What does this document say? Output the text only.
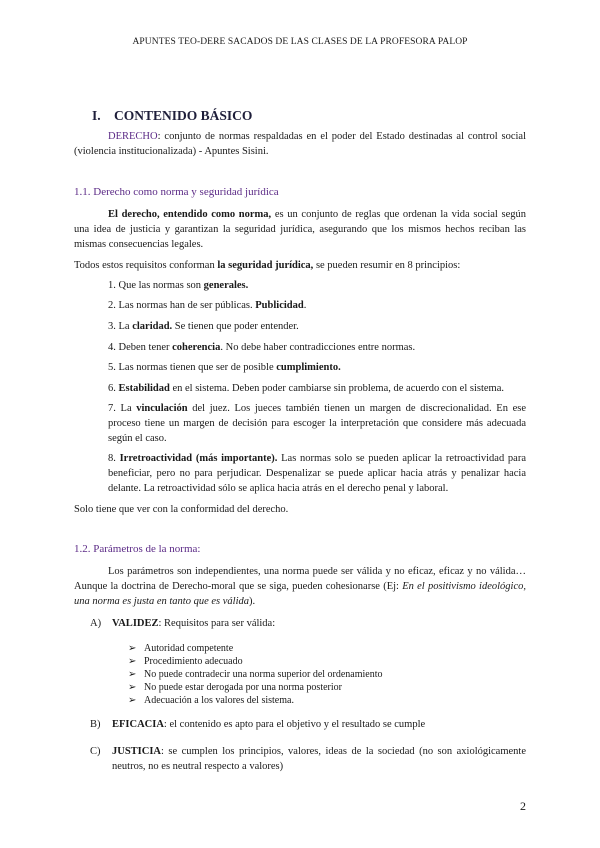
APUNTES TEO-DERE SACADOS DE LAS CLASES DE LA PROFESORA PALOP
I. CONTENIDO BÁSICO
DERECHO: conjunto de normas respaldadas en el poder del Estado destinadas al control social (violencia institucionalizada) - Apuntes Sisini.
1.1. Derecho como norma y seguridad jurídica
El derecho, entendido como norma, es un conjunto de reglas que ordenan la vida social según una idea de justicia y garantizan la seguridad jurídica, asegurando que los mismos hechos reciban las mismas consecuencias legales.
Todos estos requisitos conforman la seguridad jurídica, se pueden resumir en 8 principios:
1. Que las normas son generales.
2. Las normas han de ser públicas. Publicidad.
3. La claridad. Se tienen que poder entender.
4. Deben tener coherencia. No debe haber contradicciones entre normas.
5. Las normas tienen que ser de posible cumplimiento.
6. Estabilidad en el sistema. Deben poder cambiarse sin problema, de acuerdo con el sistema.
7. La vinculación del juez. Los jueces también tienen un margen de discrecionalidad. En ese proceso tiene un margen de decisión para escoger la interpretación que considere más adecuada según el caso.
8. Irretroactividad (más importante). Las normas solo se pueden aplicar la retroactividad para beneficiar, pero no para perjudicar. Despenalizar se puede aplicar hacia atrás y penalizar hacia delante. La retroactividad sólo se aplica hacia atrás en el derecho penal y laboral.
Solo tiene que ver con la conformidad del derecho.
1.2. Parámetros de la norma:
Los parámetros son independientes, una norma puede ser válida y no eficaz, eficaz y no válida… Aunque la doctrina de Derecho-moral que se siga, pueden cohesionarse (Ej: En el positivismo ideológico, una norma es justa en tanto que es válida).
A) VALIDEZ: Requisitos para ser válida:
➢ Autoridad competente
➢ Procedimiento adecuado
➢ No puede contradecir una norma superior del ordenamiento
➢ No puede estar derogada por una norma posterior
➢ Adecuación a los valores del sistema.
B) EFICACIA: el contenido es apto para el objetivo y el resultado se cumple
C) JUSTICIA: se cumplen los principios, valores, ideas de la sociedad (no son axiológicamente neutros, no es neutral respecto a valores)
2
